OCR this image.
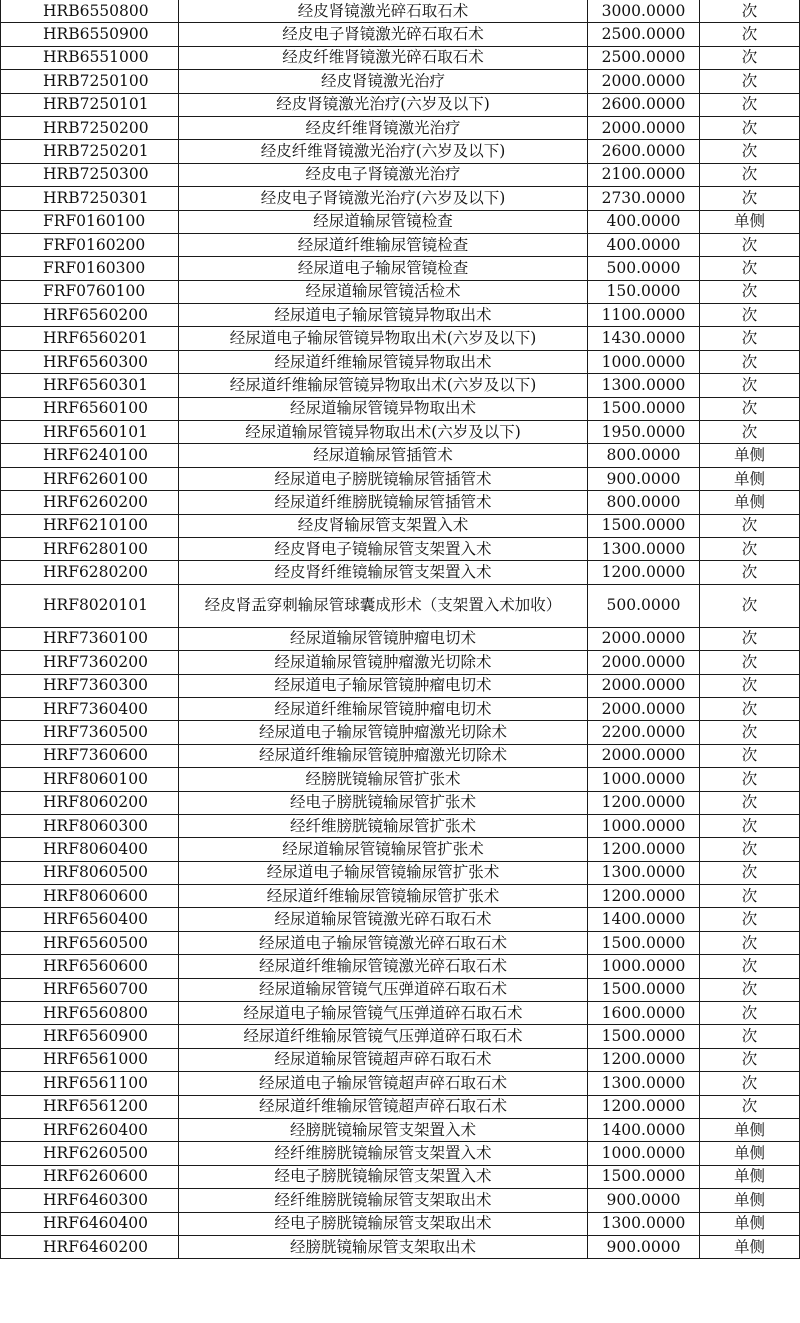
HRB6550800	经皮肾镜激光碎石取石术	3000.0000	次
HRB6550900	经皮电子肾镜激光碎石取石术	2500.0000	次
HRB6551000	经皮纤维肾镜激光碎石取石术	2500.0000	次
HRB7250100	经皮肾镜激光治疗	2000.0000	次
HRB7250101	经皮肾镜激光治疗(六岁及以下)	2600.0000	次
HRB7250200	经皮纤维肾镜激光治疗	2000.0000	次
HRB7250201	经皮纤维肾镜激光治疗(六岁及以下)	2600.0000	次
HRB7250300	经皮电子肾镜激光治疗	2100.0000	次
HRB7250301	经皮电子肾镜激光治疗(六岁及以下)	2730.0000	次
FRF0160100	经尿道输尿管镜检查	400.0000	单侧
FRF0160200	经尿道纤维输尿管镜检查	400.0000	次
FRF0160300	经尿道电子输尿管镜检查	500.0000	次
FRF0760100	经尿道输尿管镜活检术	150.0000	次
HRF6560200	经尿道电子输尿管镜异物取出术	1100.0000	次
HRF6560201	经尿道电子输尿管镜异物取出术(六岁及以下)	1430.0000	次
HRF6560300	经尿道纤维输尿管镜异物取出术	1000.0000	次
HRF6560301	经尿道纤维输尿管镜异物取出术(六岁及以下)	1300.0000	次
HRF6560100	经尿道输尿管镜异物取出术	1500.0000	次
HRF6560101	经尿道输尿管镜异物取出术(六岁及以下)	1950.0000	次
HRF6240100	经尿道输尿管插管术	800.0000	单侧
HRF6260100	经尿道电子膀胱镜输尿管插管术	900.0000	单侧
HRF6260200	经尿道纤维膀胱镜输尿管插管术	800.0000	单侧
HRF6210100	经皮肾输尿管支架置入术	1500.0000	次
HRF6280100	经皮肾电子镜输尿管支架置入术	1300.0000	次
HRF6280200	经皮肾纤维镜输尿管支架置入术	1200.0000	次
HRF8020101	经皮肾盂穿刺输尿管球囊成形术（支架置入术加收）	500.0000	次
HRF7360100	经尿道输尿管镜肿瘤电切术	2000.0000	次
HRF7360200	经尿道输尿管镜肿瘤激光切除术	2000.0000	次
HRF7360300	经尿道电子输尿管镜肿瘤电切术	2000.0000	次
HRF7360400	经尿道纤维输尿管镜肿瘤电切术	2000.0000	次
HRF7360500	经尿道电子输尿管镜肿瘤激光切除术	2200.0000	次
HRF7360600	经尿道纤维输尿管镜肿瘤激光切除术	2000.0000	次
HRF8060100	经膀胱镜输尿管扩张术	1000.0000	次
HRF8060200	经电子膀胱镜输尿管扩张术	1200.0000	次
HRF8060300	经纤维膀胱镜输尿管扩张术	1000.0000	次
HRF8060400	经尿道输尿管镜输尿管扩张术	1200.0000	次
HRF8060500	经尿道电子输尿管镜输尿管扩张术	1300.0000	次
HRF8060600	经尿道纤维输尿管镜输尿管扩张术	1200.0000	次
HRF6560400	经尿道输尿管镜激光碎石取石术	1400.0000	次
HRF6560500	经尿道电子输尿管镜激光碎石取石术	1500.0000	次
HRF6560600	经尿道纤维输尿管镜激光碎石取石术	1000.0000	次
HRF6560700	经尿道输尿管镜气压弹道碎石取石术	1500.0000	次
HRF6560800	经尿道电子输尿管镜气压弹道碎石取石术	1600.0000	次
HRF6560900	经尿道纤维输尿管镜气压弹道碎石取石术	1500.0000	次
HRF6561000	经尿道输尿管镜超声碎石取石术	1200.0000	次
HRF6561100	经尿道电子输尿管镜超声碎石取石术	1300.0000	次
HRF6561200	经尿道纤维输尿管镜超声碎石取石术	1200.0000	次
HRF6260400	经膀胱镜输尿管支架置入术	1400.0000	单侧
HRF6260500	经纤维膀胱镜输尿管支架置入术	1000.0000	单侧
HRF6260600	经电子膀胱镜输尿管支架置入术	1500.0000	单侧
HRF6460300	经纤维膀胱镜输尿管支架取出术	900.0000	单侧
HRF6460400	经电子膀胱镜输尿管支架取出术	1300.0000	单侧
HRF6460200	经膀胱镜输尿管支架取出术	900.0000	单侧
